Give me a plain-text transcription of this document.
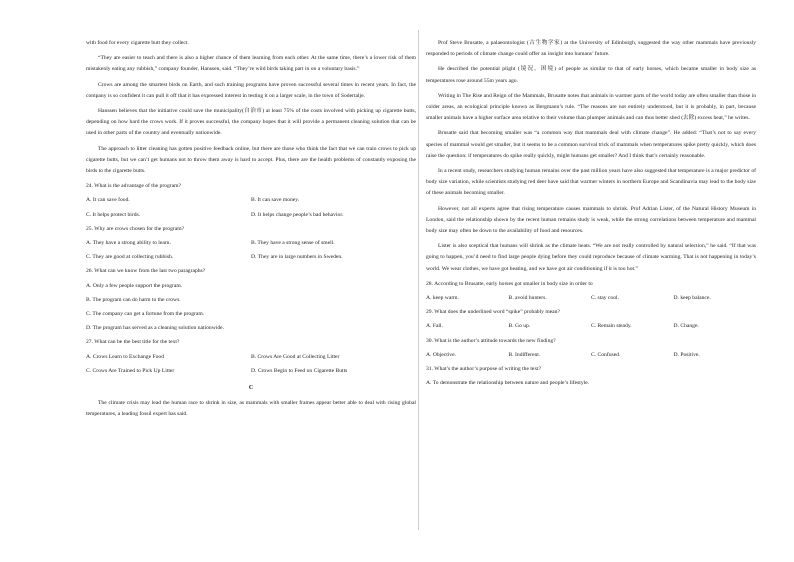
with food for every cigarette butt they collect.

“They are easier to teach and there is also a higher chance of them learning from each other. At the same time, there’s a lower risk of them mistakenly eating any rubbish,” company founder, Hanssen, said. “They’re wild birds taking part in on a voluntary basis.”

Crows are among the smartest birds on Earth, and such training programs have proven successful several times in recent years. In fact, the company is so confident it can pull it off that it has expressed interest in testing it on a larger scale, in the town of Sodertalje.

Hanssen believes that the initiative could save the municipality(自治市) at least 75% of the costs involved with picking up cigarette butts, depending on how hard the crows work. If it proves successful, the company hopes that it will provide a permanent cleaning solution that can be used in other parts of the country and eventually nationwide.

The approach to litter cleaning has gotten positive feedback online, but there are those who think the fact that we can train crows to pick up cigarette butts, but we can’t get humans not to throw them away is hard to accept. Plus, there are the health problems of constantly exposing the birds to the cigarette butts.

24. What is the advantage of the program?
A. It can save food.	B. It can save money.
C. It helps protect birds.	D. It helps change people’s bad behavior.
25. Why are crows chosen for the program?
A. They have a strong ability to learn.	B. They have a strong sense of smell.
C. They are good at collecting rubbish.	D. They are in large numbers in Sweden.
26. What can we know from the last two paragraphs?
A. Only a few people support the program.
B. The program can do harm to the crows.
C. The company can get a fortune from the program.
D. The program has served as a cleaning solution nationwide.
27. What can be the best title for the text?
A. Crows Learn to Exchange Food	B. Crows Are Good at Collecting Litter
C. Crows Are Trained to Pick Up Litter	D. Crows Begin to Feed on Cigarette Butts
C

The climate crisis may lead the human race to shrink in size, as mammals with smaller frames appear better able to deal with rising global temperatures, a leading fossil expert has said.

Prof Steve Brusatte, a palaeontologist (古生物学家) at the University of Edinburgh, suggested the way other mammals have previously responded to periods of climate change could offer an insight into humans’ future.

He described the potential plight (境况，困境) of people as similar to that of early horses, which became smaller in body size as temperatures rose around 55m years ago.

Writing in The Rise and Reign of the Mammals, Brusatte notes that animals in warmer parts of the world today are often smaller than those in colder areas, an ecological principle known as Bergmann’s rule. “The reasons are not entirely understood, but it is probably, in part, because smaller animals have a higher surface area relative to their volume than plumper animals and can thus better shed (去除) excess heat,” he writes.

Brusatte said that becoming smaller was “a common way that mammals deal with climate change”. He added: “That’s not to say every species of mammal would get smaller, but it seems to be a common survival trick of mammals when temperatures spike pretty quickly, which does raise the question: if temperatures do spike really quickly, might humans get smaller? And I think that’s certainly reasonable.

In a recent study, researchers studying human remains over the past million years have also suggested that temperature is a major predictor of body size variation, while scientists studying red deer have said that warmer winters in northern Europe and Scandinavia may lead to the body size of these animals becoming smaller.

However, not all experts agree that rising temperature causes mammals to shrink. Prof Adrian Lister, of the Natural History Museum in London, said the relationship shown by the recent human remains study is weak, while the strong correlations between temperature and mammal body size may often be down to the availability of food and resources.

Lister is also sceptical that humans will shrink as the climate heats. “We are not really controlled by natural selection,” he said. “If that was going to happen, you’d need to find large people dying before they could reproduce because of climate warming. That is not happening in today’s world. We wear clothes, we have got heating, and we have got air conditioning if it is too hot.”

28. According to Brusatte, early horses got smaller in body size in order to
A. keep warm.	B. avoid hunters.	C. stay cool.	D. keep balance.
29. What does the underlined word “spike” probably mean?
A. Fall.	B. Go up.	C. Remain steady.	D. Change.
30. What is the author’s attitude towards the new finding?
A. Objective.	B. Indifferent.	C. Confused.	D. Positive.
31. What’s the author’s purpose of writing the text?
A. To demonstrate the relationship between nature and people’s lifestyle.
